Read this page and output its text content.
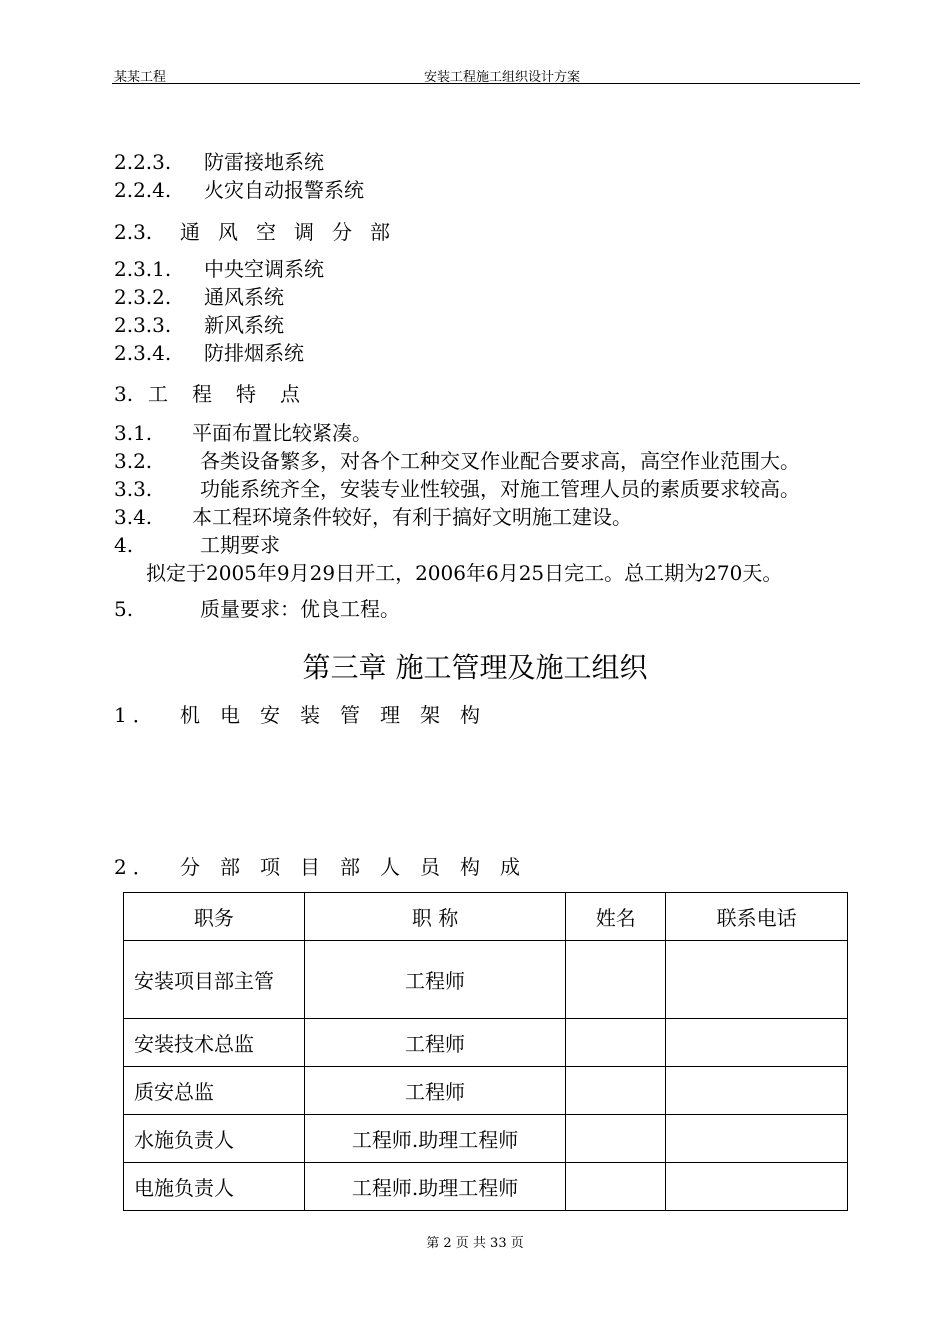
某某工程	安装工程施工组织设计方案
2.2.3. 防雷接地系统
2.2.4. 火灾自动报警系统
2.3. 通风空调分部
2.3.1. 中央空调系统
2.3.2. 通风系统
2.3.3. 新风系统
2.3.4. 防排烟系统
3. 工程特点
3.1. 平面布置比较紧凑。
3.2. 各类设备繁多，对各个工种交叉作业配合要求高，高空作业范围大。
3.3. 功能系统齐全，安装专业性较强，对施工管理人员的素质要求较高。
3.4. 本工程环境条件较好，有利于搞好文明施工建设。
4.	工期要求
拟定于2005年9月29日开工，2006年6月25日完工。总工期为270天。
5.	质量要求：优良工程。
第三章 施工管理及施工组织
1． 机电安装管理架构
2． 分部项目部人员构成
职务	职 称	姓名	联系电话
安装项目部主管	工程师		
安装技术总监	工程师		
质安总监	工程师		
水施负责人	工程师.助理工程师		
电施负责人	工程师.助理工程师		
第 2 页 共 33 页
